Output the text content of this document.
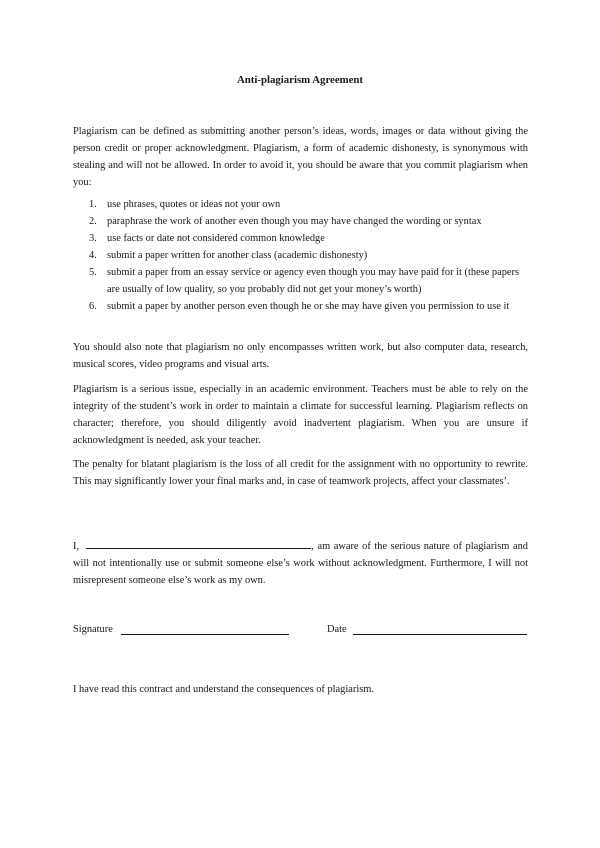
Anti-plagiarism Agreement

Plagiarism can be defined as submitting another person’s ideas, words, images or data without giving the person credit or proper acknowledgment. Plagiarism, a form of academic dishonesty, is synonymous with stealing and will not be allowed. In order to avoid it, you should be aware that you commit plagiarism when you:

1. use phrases, quotes or ideas not your own
2. paraphrase the work of another even though you may have changed the wording or syntax
3. use facts or date not considered common knowledge
4. submit a paper written for another class (academic dishonesty)
5. submit a paper from an essay service or agency even though you may have paid for it (these papers are usually of low quality, so you probably did not get your money’s worth)
6. submit a paper by another person even though he or she may have given you permission to use it

You should also note that plagiarism no only encompasses written work, but also computer data, research, musical scores, video programs and visual arts.

Plagiarism is a serious issue, especially in an academic environment. Teachers must be able to rely on the integrity of the student’s work in order to maintain a climate for successful learning. Plagiarism reflects on character; therefore, you should diligently avoid inadvertent plagiarism. When you are unsure if acknowledgment is needed, ask your teacher.

The penalty for blatant plagiarism is the loss of all credit for the assignment with no opportunity to rewrite. This may significantly lower your final marks and, in case of teamwork projects, affect your classmates’.

I,	, am aware of the serious nature of plagiarism and will not intentionally use or submit someone else’s work without acknowledgment. Furthermore, I will not misrepresent someone else’s work as my own.

Signature	Date

I have read this contract and understand the consequences of plagiarism.
